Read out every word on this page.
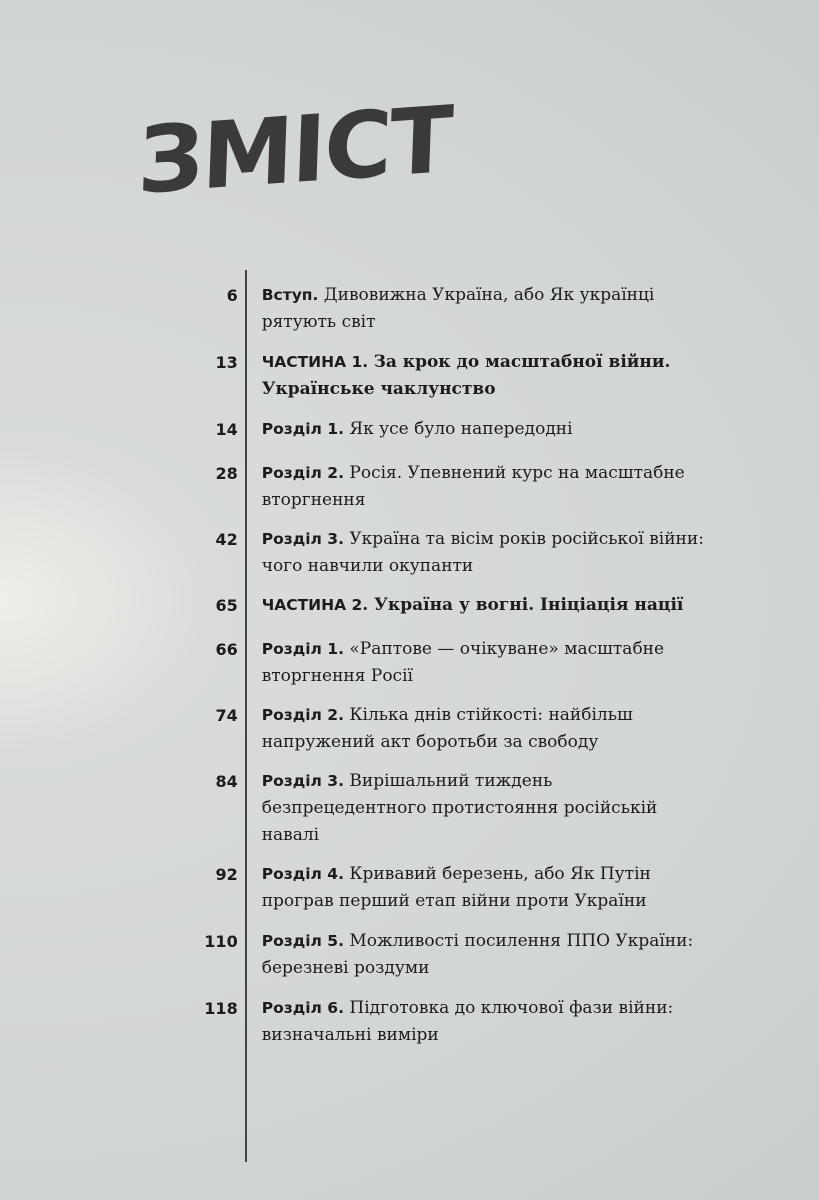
ЗМІСТ
6 Вступ. Дивовижна Україна, або Як українці рятують світ
13 ЧАСТИНА 1. За крок до масштабної війни. Українське чаклунство
14 Розділ 1. Як усе було напередодні
28 Розділ 2. Росія. Упевнений курс на масштабне вторгнення
42 Розділ 3. Україна та вісім років російської війни: чого навчили окупанти
65 ЧАСТИНА 2. Україна у вогні. Ініціація нації
66 Розділ 1. «Раптове — очікуване» масштабне вторгнення Росії
74 Розділ 2. Кілька днів стійкості: найбільш напружений акт боротьби за свободу
84 Розділ 3. Вирішальний тиждень безпрецедентного протистояння російській навалі
92 Розділ 4. Кривавий березень, або Як Путін програв перший етап війни проти України
110 Розділ 5. Можливості посилення ППО України: березневі роздуми
118 Розділ 6. Підготовка до ключової фази війни: визначальні виміри
